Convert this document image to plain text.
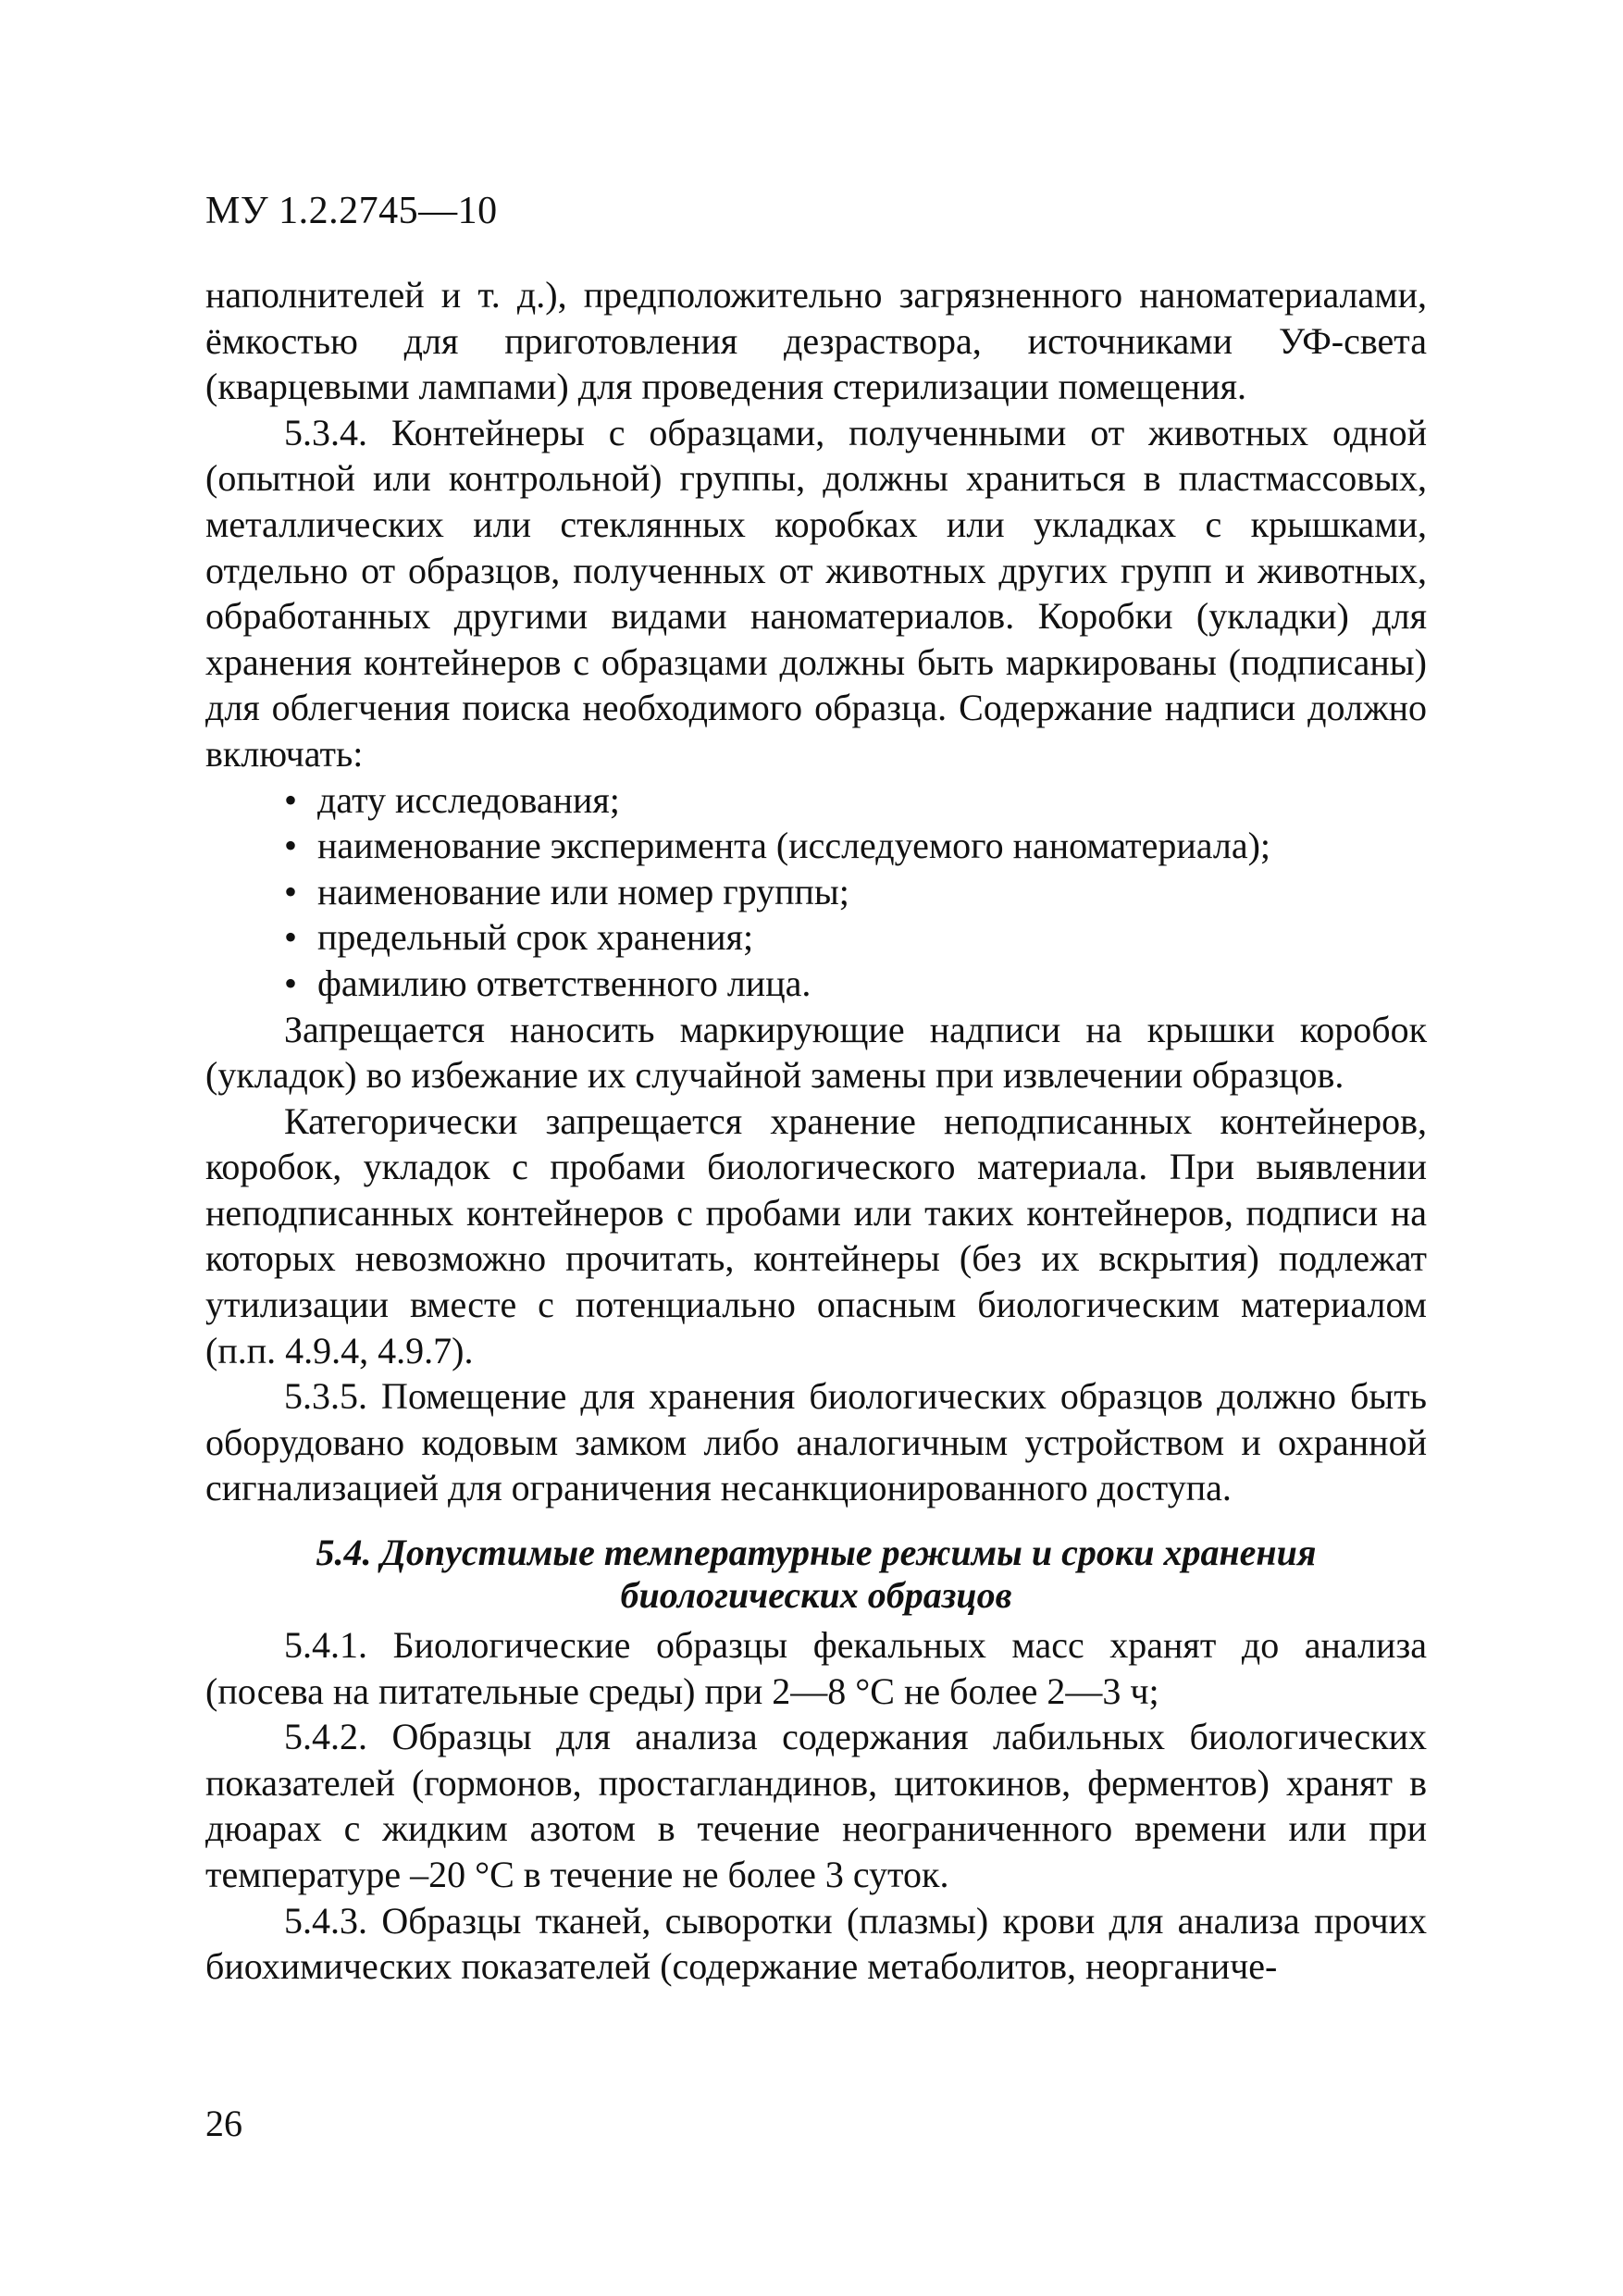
МУ 1.2.2745—10

наполнителей и т. д.), предположительно загрязненного наноматериалами, ёмкостью для приготовления дезраствора, источниками УФ-света (кварцевыми лампами) для проведения стерилизации помещения.

5.3.4. Контейнеры с образцами, полученными от животных одной (опытной или контрольной) группы, должны храниться в пластмассовых, металлических или стеклянных коробках или укладках с крышками, отдельно от образцов, полученных от животных других групп и животных, обработанных другими видами наноматериалов. Коробки (укладки) для хранения контейнеров с образцами должны быть маркированы (подписаны) для облегчения поиска необходимого образца. Содержание надписи должно включать:

• дату исследования;
• наименование эксперимента (исследуемого наноматериала);
• наименование или номер группы;
• предельный срок хранения;
• фамилию ответственного лица.

Запрещается наносить маркирующие надписи на крышки коробок (укладок) во избежание их случайной замены при извлечении образцов.

Категорически запрещается хранение неподписанных контейнеров, коробок, укладок с пробами биологического материала. При выявлении неподписанных контейнеров с пробами или таких контейнеров, подписи на которых невозможно прочитать, контейнеры (без их вскрытия) подлежат утилизации вместе с потенциально опасным биологическим материалом (п.п. 4.9.4, 4.9.7).

5.3.5. Помещение для хранения биологических образцов должно быть оборудовано кодовым замком либо аналогичным устройством и охранной сигнализацией для ограничения несанкционированного доступа.

5.4. Допустимые температурные режимы и сроки хранения
биологических образцов

5.4.1. Биологические образцы фекальных масс хранят до анализа (посева на питательные среды) при 2—8 °С не более 2—3 ч;

5.4.2. Образцы для анализа содержания лабильных биологических показателей (гормонов, простагландинов, цитокинов, ферментов) хранят в дюарах с жидким азотом в течение неограниченного времени или при температуре –20 °С в течение не более 3 суток.

5.4.3. Образцы тканей, сыворотки (плазмы) крови для анализа прочих биохимических показателей (содержание метаболитов, неорганиче-

26
